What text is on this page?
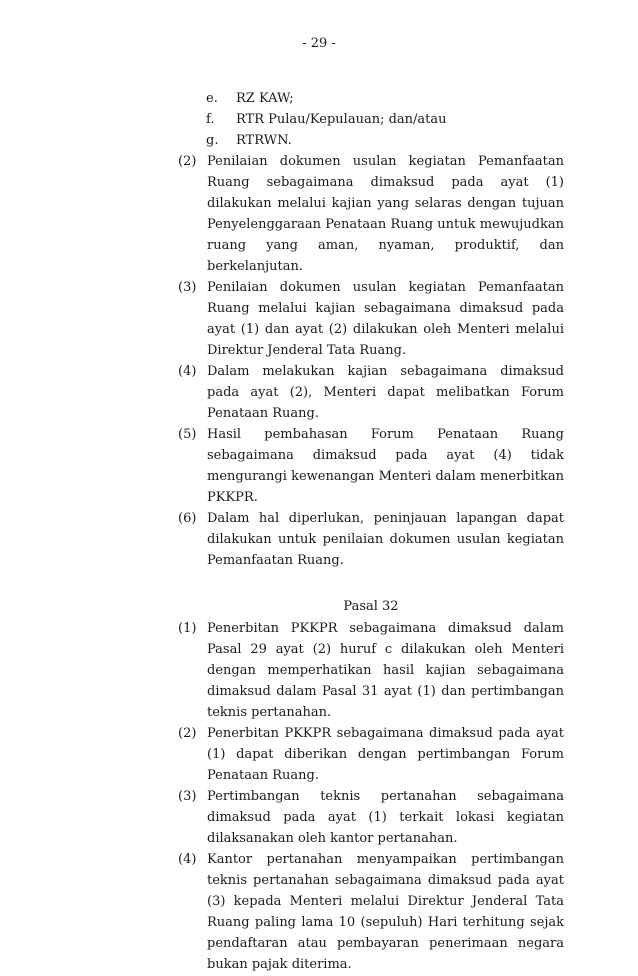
- 29 -
e.	RZ KAW;
f.	RTR Pulau/Kepulauan; dan/atau
g.	RTRWN.
(2) Penilaian dokumen usulan kegiatan Pemanfaatan Ruang sebagaimana dimaksud pada ayat (1) dilakukan melalui kajian yang selaras dengan tujuan Penyelenggaraan Penataan Ruang untuk mewujudkan ruang yang aman, nyaman, produktif, dan berkelanjutan.
(3) Penilaian dokumen usulan kegiatan Pemanfaatan Ruang melalui kajian sebagaimana dimaksud pada ayat (1) dan ayat (2) dilakukan oleh Menteri melalui Direktur Jenderal Tata Ruang.
(4) Dalam melakukan kajian sebagaimana dimaksud pada ayat (2), Menteri dapat melibatkan Forum Penataan Ruang.
(5) Hasil pembahasan Forum Penataan Ruang sebagaimana dimaksud pada ayat (4) tidak mengurangi kewenangan Menteri dalam menerbitkan PKKPR.
(6) Dalam hal diperlukan, peninjauan lapangan dapat dilakukan untuk penilaian dokumen usulan kegiatan Pemanfaatan Ruang.
Pasal 32
(1) Penerbitan PKKPR sebagaimana dimaksud dalam Pasal 29 ayat (2) huruf c dilakukan oleh Menteri dengan memperhatikan hasil kajian sebagaimana dimaksud dalam Pasal 31 ayat (1) dan pertimbangan teknis pertanahan.
(2) Penerbitan PKKPR sebagaimana dimaksud pada ayat (1) dapat diberikan dengan pertimbangan Forum Penataan Ruang.
(3) Pertimbangan teknis pertanahan sebagaimana dimaksud pada ayat (1) terkait lokasi kegiatan dilaksanakan oleh kantor pertanahan.
(4) Kantor pertanahan menyampaikan pertimbangan teknis pertanahan sebagaimana dimaksud pada ayat (3) kepada Menteri melalui Direktur Jenderal Tata Ruang paling lama 10 (sepuluh) Hari terhitung sejak pendaftaran atau pembayaran penerimaan negara bukan pajak diterima.
